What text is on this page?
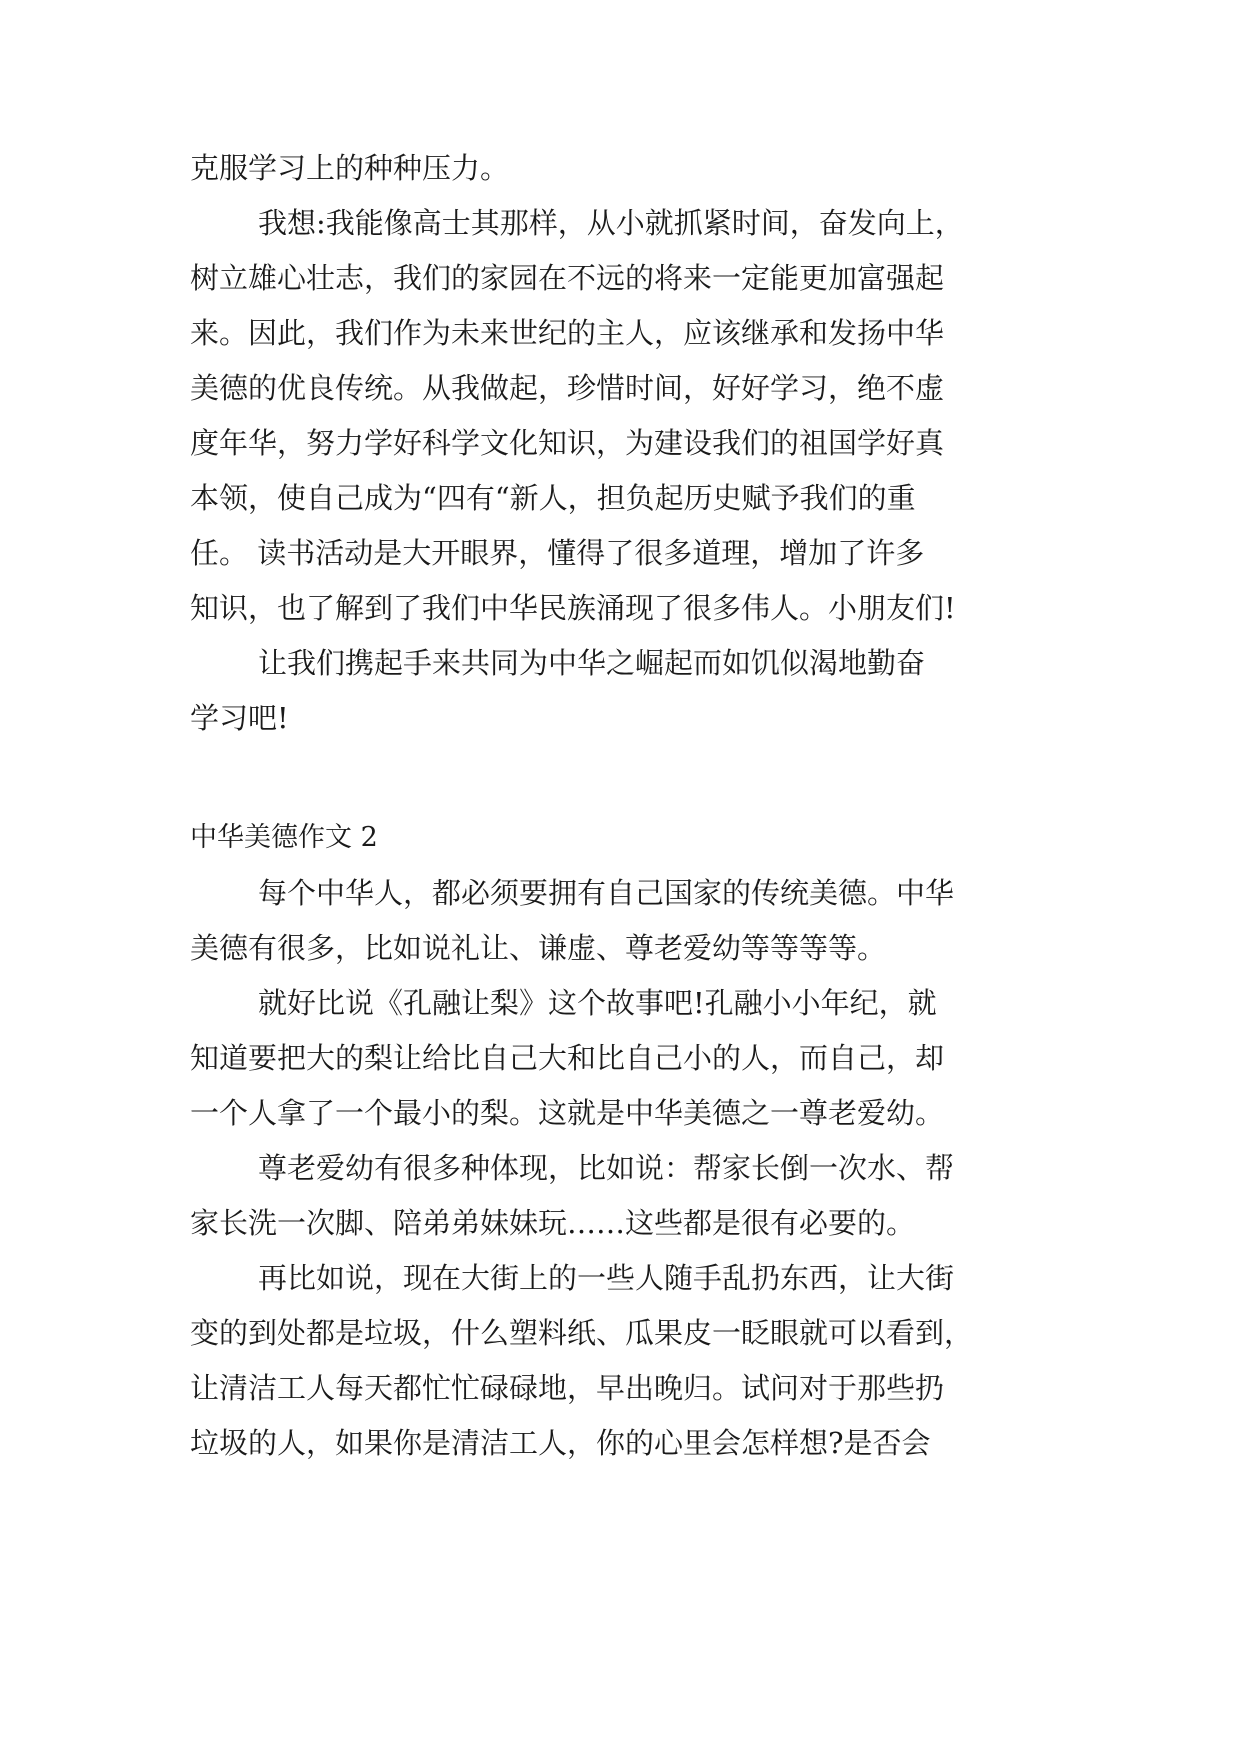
克服学习上的种种压力。

我想:我能像高士其那样，从小就抓紧时间，奋发向上，

树立雄心壮志，我们的家园在不远的将来一定能更加富强起

来。因此，我们作为未来世纪的主人，应该继承和发扬中华

美德的优良传统。从我做起，珍惜时间，好好学习，绝不虚

度年华，努力学好科学文化知识，为建设我们的祖国学好真

本领，使自己成为“四有“新人，担负起历史赋予我们的重

任。 读书活动是大开眼界，懂得了很多道理，增加了许多

知识，也了解到了我们中华民族涌现了很多伟人。小朋友们!

让我们携起手来共同为中华之崛起而如饥似渴地勤奋

学习吧!

中华美德作文 2

每个中华人，都必须要拥有自己国家的传统美德。中华

美德有很多，比如说礼让、谦虚、尊老爱幼等等等等。

就好比说《孔融让梨》这个故事吧!孔融小小年纪，就

知道要把大的梨让给比自己大和比自己小的人，而自己，却

一个人拿了一个最小的梨。这就是中华美德之一尊老爱幼。

尊老爱幼有很多种体现，比如说：帮家长倒一次水、帮

家长洗一次脚、陪弟弟妹妹玩……这些都是很有必要的。

再比如说，现在大街上的一些人随手乱扔东西，让大街

变的到处都是垃圾，什么塑料纸、瓜果皮一眨眼就可以看到，

让清洁工人每天都忙忙碌碌地，早出晚归。试问对于那些扔

垃圾的人，如果你是清洁工人，你的心里会怎样想?是否会
